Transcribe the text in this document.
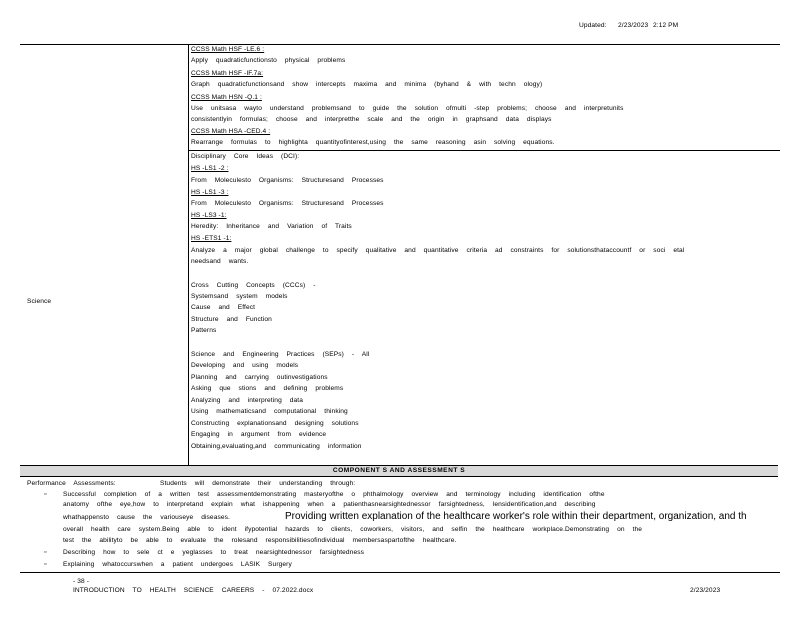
Updated: 2/23/2023 2:12 PM
CCSS Math HSF -LE.6 :
Apply quadraticfunctionsto physical problems
CCSS Math HSF -IF.7a:
Graph quadraticfunctionsand show intercepts maxima and minima (byhand & with techn ology)
CCSS Math HSN -Q.1 :
Use unitsasa wayto understand problemsand to guide the solution ofmulti -step problems; choose and interpretunits
consistentlyin formulas; choose and interpretthe scale and the origin in graphsand data displays
CCSS Math HSA -CED.4 :
Rearrange formulas to highlighta quantityofinterest,using the same reasoning asin solving equations.
Science
Disciplinary Core Ideas (DCI):
HS -LS1 -2 :
From Moleculesto Organisms: Structuresand Processes
HS -LS1 -3 :
From Moleculesto Organisms: Structuresand Processes
HS -LS3 -1:
Heredity: Inheritance and Variation of Traits
HS -ETS1 -1:
Analyze a major global challenge to specify qualitative and quantitative criteria ad constraints for solutionsthataccountf or soci etal
needsand wants.
Cross Cutting Concepts (CCCs) -
Systemsand system models
Cause and Effect
Structure and Function
Patterns
Science and Engineering Practices (SEPs) - All
Developing and using models
Planning and carrying outinvestigations
Asking que stions and defining problems
Analyzing and interpreting data
Using mathematicsand computational thinking
Constructing explanationsand designing solutions
Engaging in argument from evidence
Obtaining,evaluating,and communicating information
COMPONENT S AND ASSESSMENT S
Performance Assessments:	Students will demonstrate their understanding through:
▫	Successful completion of a written test assessmentdemonstrating masteryofthe o phthalmology overview and terminology including identification ofthe
anatomy ofthe eye,how to interpretand explain what ishappening when a patienthasnearsightednessor farsightedness, lensidentification,and describing
whathappensto cause the variouseye diseases.	Providing written explanation of the healthcare worker's role within their department, organization, and th
overall health care system.Being able to ident ifypotential hazards to clients, coworkers, visitors, and selfin the healthcare workplace.Demonstrating on the
test the abilityto be able to evaluate the rolesand responsibilitiesofindividual membersaspartofthe healthcare.
▫	Describing how to sele ct e yeglasses to treat nearsightednessor farsightedness
▫	Explaining whatoccurswhen a patient undergoes LASIK Surgery
- 38 -
INTRODUCTION TO HEALTH SCIENCE CAREERS - 07.2022.docx	2/23/2023
